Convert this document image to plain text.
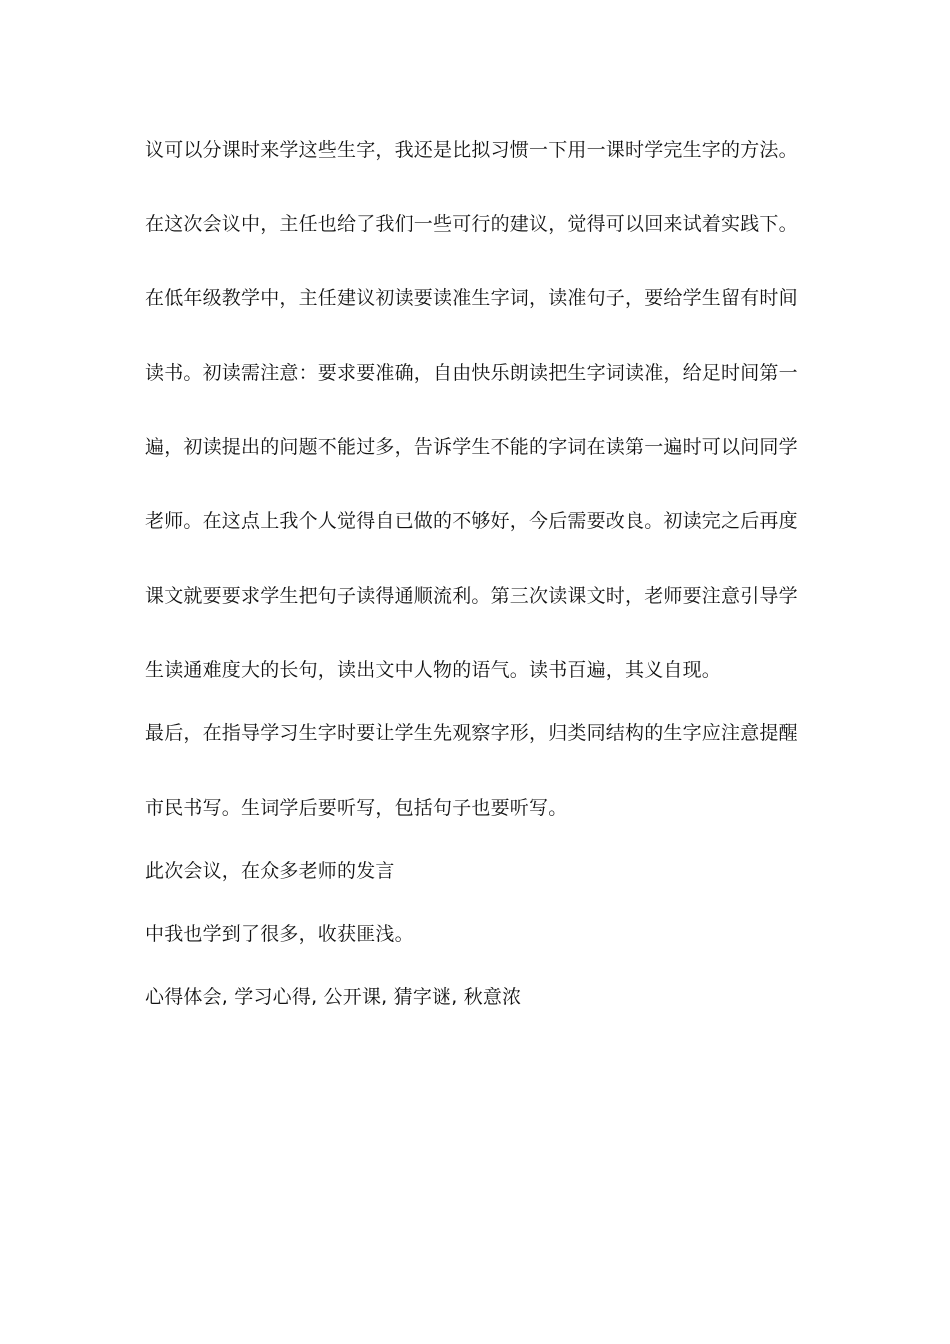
议可以分课时来学这些生字，我还是比拟习惯一下用一课时学完生字的方法。
在这次会议中，主任也给了我们一些可行的建议，觉得可以回来试着实践下。
在低年级教学中，主任建议初读要读准生字词，读准句子，要给学生留有时间
读书。初读需注意：要求要准确，自由快乐朗读把生字词读准，给足时间第一
遍，初读提出的问题不能过多，告诉学生不能的字词在读第一遍时可以问同学
老师。在这点上我个人觉得自已做的不够好，今后需要改良。初读完之后再度
课文就要要求学生把句子读得通顺流利。第三次读课文时，老师要注意引导学
生读通难度大的长句，读出文中人物的语气。读书百遍，其义自现。
最后，在指导学习生字时要让学生先观察字形，归类同结构的生字应注意提醒
市民书写。生词学后要听写，包括句子也要听写。
此次会议，在众多老师的发言
中我也学到了很多，收获匪浅。
心得体会, 学习心得, 公开课, 猜字谜, 秋意浓
